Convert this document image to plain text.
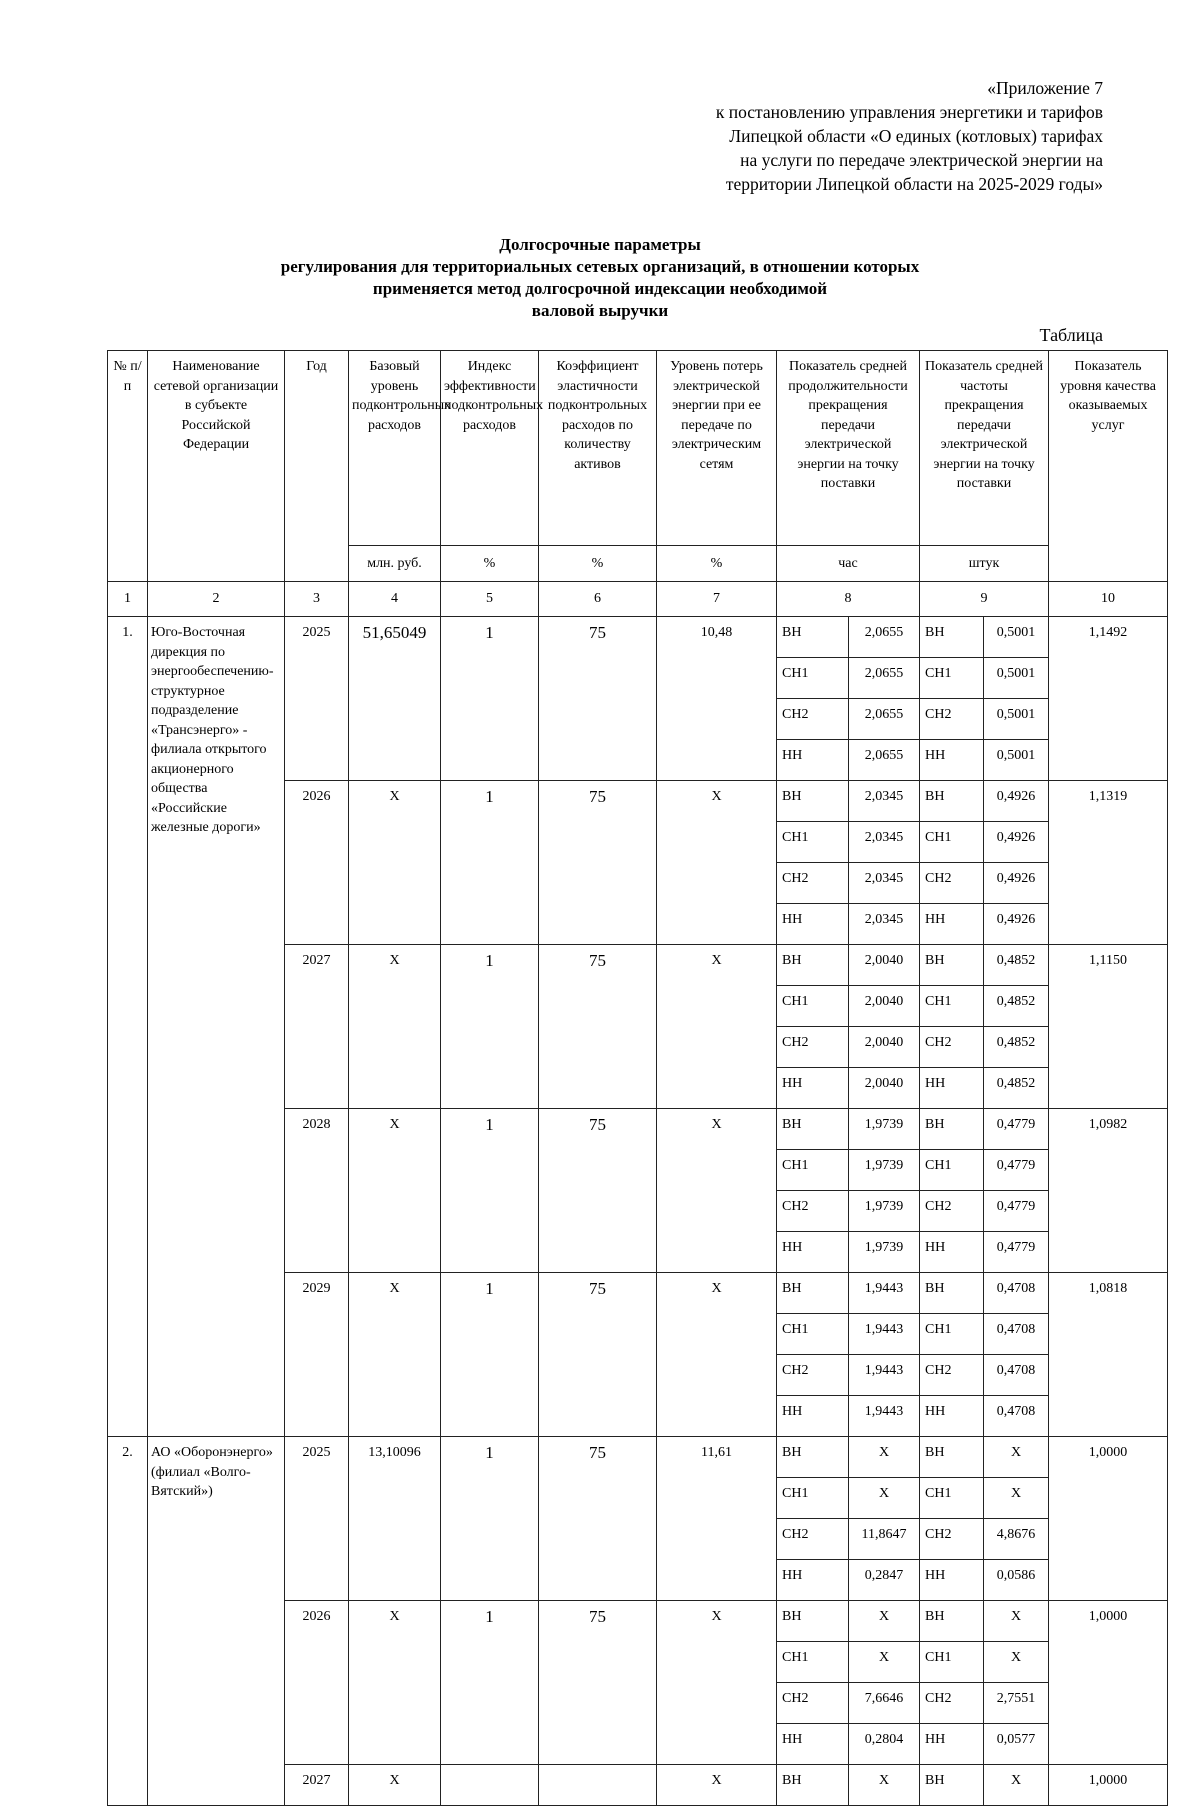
«Приложение 7
к постановлению управления энергетики и тарифов
Липецкой области «О единых (котловых) тарифах
на услуги по передаче электрической энергии на
территории Липецкой области на 2025-2029 годы»
Долгосрочные параметры
регулирования для территориальных сетевых организаций, в отношении которых
применяется метод долгосрочной индексации необходимой
валовой выручки
Таблица
№ п/п	Наименование сетевой организации в субъекте Российской Федерации	Год	Базовый уровень подконтрольных расходов	Индекс эффективности подконтрольных расходов	Коэффициент эластичности подконтрольных расходов по количеству активов	Уровень потерь электрической энергии при ее передаче по электрическим сетям	Показатель средней продолжительности прекращения передачи электрической энергии на точку поставки		Показатель средней частоты прекращения передачи электрической энергии на точку поставки		Показатель уровня качества оказываемых услуг
			млн. руб.	%	%	%	час		штук		
1	2	3	4	5	6	7	8		9		10
1.	Юго-Восточная дирекция по энергообеспечению-структурное подразделение «Трансэнерго» - филиала открытого акционерного общества «Российские железные дороги»	2025	51,65049	1	75	10,48	ВН	2,0655	ВН	0,5001	1,1492
							СН1	2,0655	СН1	0,5001	
							СН2	2,0655	СН2	0,5001	
							НН	2,0655	НН	0,5001	
		2026	Х	1	75	Х	ВН	2,0345	ВН	0,4926	1,1319
							СН1	2,0345	СН1	0,4926	
							СН2	2,0345	СН2	0,4926	
							НН	2,0345	НН	0,4926	
		2027	Х	1	75	Х	ВН	2,0040	ВН	0,4852	1,1150
							СН1	2,0040	СН1	0,4852	
							СН2	2,0040	СН2	0,4852	
							НН	2,0040	НН	0,4852	
		2028	Х	1	75	Х	ВН	1,9739	ВН	0,4779	1,0982
							СН1	1,9739	СН1	0,4779	
							СН2	1,9739	СН2	0,4779	
							НН	1,9739	НН	0,4779	
		2029	Х	1	75	Х	ВН	1,9443	ВН	0,4708	1,0818
							СН1	1,9443	СН1	0,4708	
							СН2	1,9443	СН2	0,4708	
							НН	1,9443	НН	0,4708	
2.	АО «Оборонэнерго» (филиал «Волго-Вятский»)	2025	13,10096	1	75	11,61	ВН	Х	ВН	Х	1,0000
							СН1	Х	СН1	Х	
							СН2	11,8647	СН2	4,8676	
							НН	0,2847	НН	0,0586	
		2026	Х	1	75	Х	ВН	Х	ВН	Х	1,0000
							СН1	Х	СН1	Х	
							СН2	7,6646	СН2	2,7551	
							НН	0,2804	НН	0,0577	
		2027	Х			Х	ВН	Х	ВН	Х	1,0000
